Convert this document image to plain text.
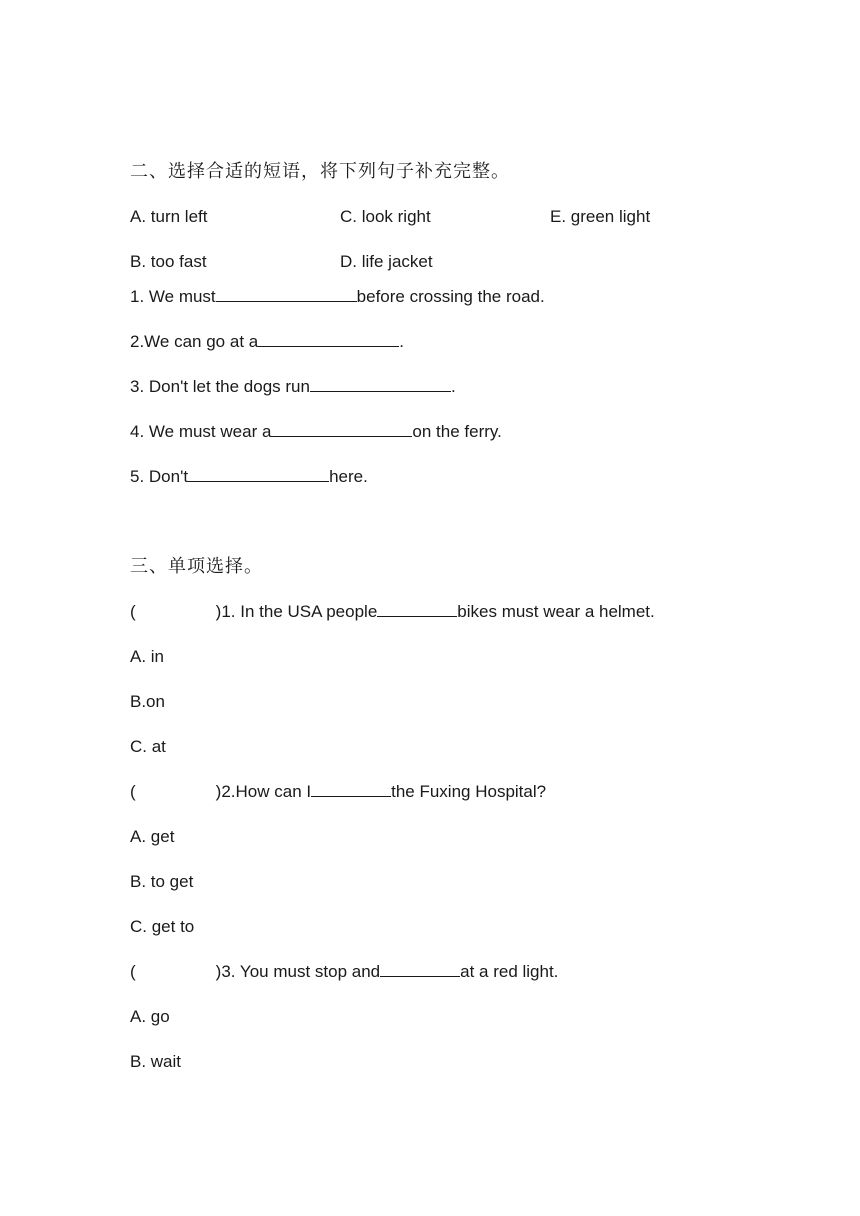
二、选择合适的短语，将下列句子补充完整。
A. turn left	C. look right	E. green light
B. too fast	D. life jacket
1. We must	before crossing the road.
2.We can go at a	.
3. Don't let the dogs run	.
4. We must wear a	on the ferry.
5. Don't	here.
三、单项选择。
(	)1. In the USA people	bikes must wear a helmet.
A. in
B.on
C. at
(	)2.How can I	the Fuxing Hospital?
A. get
B. to get
C. get to
(	)3. You must stop and	at a red light.
A. go
B. wait
